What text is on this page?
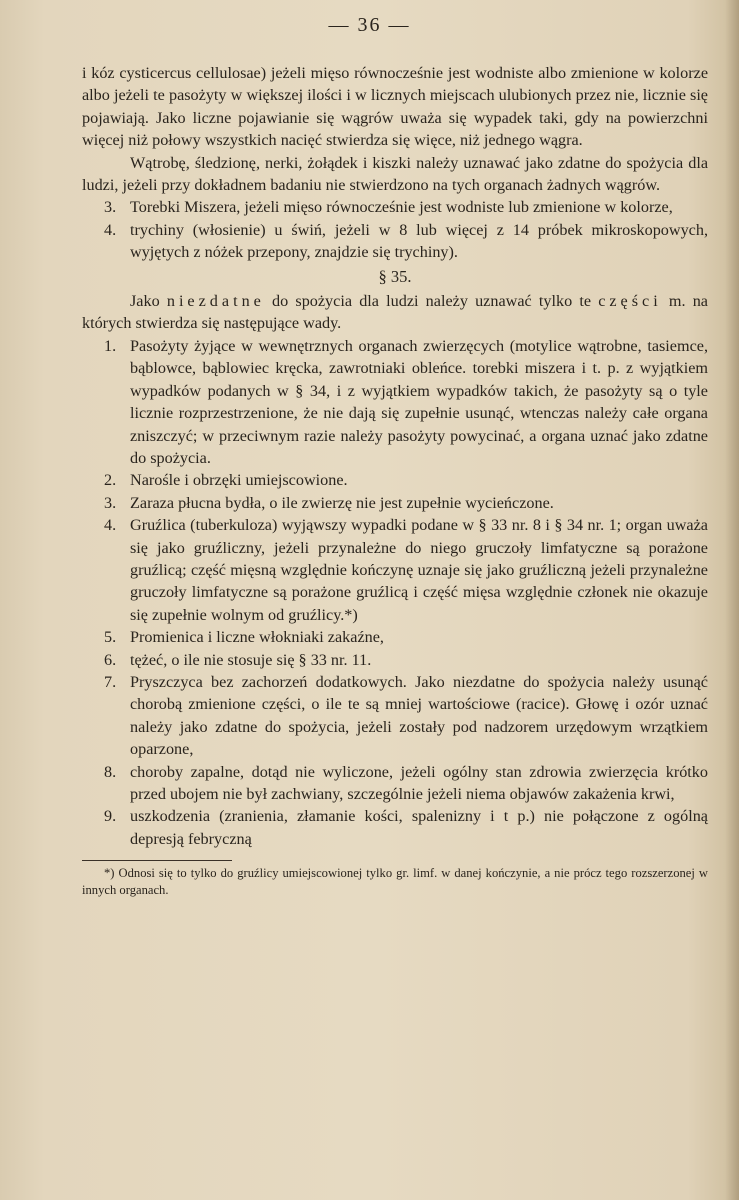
— 36 —

i kóz cysticercus cellulosae) jeżeli mięso równocześnie jest wodniste albo zmienione w kolorze albo jeżeli te pasożyty w większej ilości i w licznych miejscach ulubionych przez nie, licznie się pojawiają. Jako liczne pojawianie się wągrów uważa się wypadek taki, gdy na powierzchni więcej niż połowy wszystkich nacięć stwierdza się więce, niż jednego wągra.

Wątrobę, śledzionę, nerki, żołądek i kiszki należy uznawać jako zdatne do spożycia dla ludzi, jeżeli przy dokładnem badaniu nie stwierdzono na tych organach żadnych wągrów.

3. Torebki Miszera, jeżeli mięso równocześnie jest wodniste lub zmienione w kolorze,
4. trychiny (włosienie) u świń, jeżeli w 8 lub więcej z 14 próbek mikroskopowych, wyjętych z nóżek przepony, znajdzie się trychiny).
§ 35.

Jako niezdatne do spożycia dla ludzi należy uznawać tylko te części m. na których stwierdza się następujące wady.

1. Pasożyty żyjące w wewnętrznych organach zwierzęcych (motylice wątrobne, tasiemce, bąblowce, bąblowiec kręcka, zawrotniaki obleńce. torebki miszera i t. p. z wyjątkiem wypadków podanych w § 34, i z wyjątkiem wypadków takich, że pasożyty są o tyle licznie rozprzestrzenione, że nie dają się zupełnie usunąć, wtenczas należy całe organa zniszczyć; w przeciwnym razie należy pasożyty powycinać, a organa uznać jako zdatne do spożycia.
2. Narośle i obrzęki umiejscowione.
3. Zaraza płucna bydła, o ile zwierzę nie jest zupełnie wycieńczone.
4. Gruźlica (tuberkuloza) wyjąwszy wypadki podane w § 33 nr. 8 i § 34 nr. 1; organ uważa się jako gruźliczny, jeżeli przynależne do niego gruczoły limfatyczne są porażone gruźlicą; część mięsną względnie kończynę uznaje się jako gruźliczną jeżeli przynależne gruczoły limfatyczne są porażone gruźlicą i część mięsa względnie członek nie okazuje się zupełnie wolnym od gruźlicy.*)
5. Promienica i liczne włokniaki zakaźne,
6. tężeć, o ile nie stosuje się § 33 nr. 11.
7. Pryszczyca bez zachorzeń dodatkowych. Jako niezdatne do spożycia należy usunąć chorobą zmienione części, o ile te są mniej wartościowe (racice). Głowę i ozór uznać należy jako zdatne do spożycia, jeżeli zostały pod nadzorem urzędowym wrzątkiem oparzone,
8. choroby zapalne, dotąd nie wyliczone, jeżeli ogólny stan zdrowia zwierzęcia krótko przed ubojem nie był zachwiany, szczególnie jeżeli niema objawów zakażenia krwi,
9. uszkodzenia (zranienia, złamanie kości, spalenizny i t p.) nie połączone z ogólną depresją febryczną

*) Odnosi się to tylko do gruźlicy umiejscowionej tylko gr. limf. w danej kończynie, a nie prócz tego rozszerzonej w innych organach.
